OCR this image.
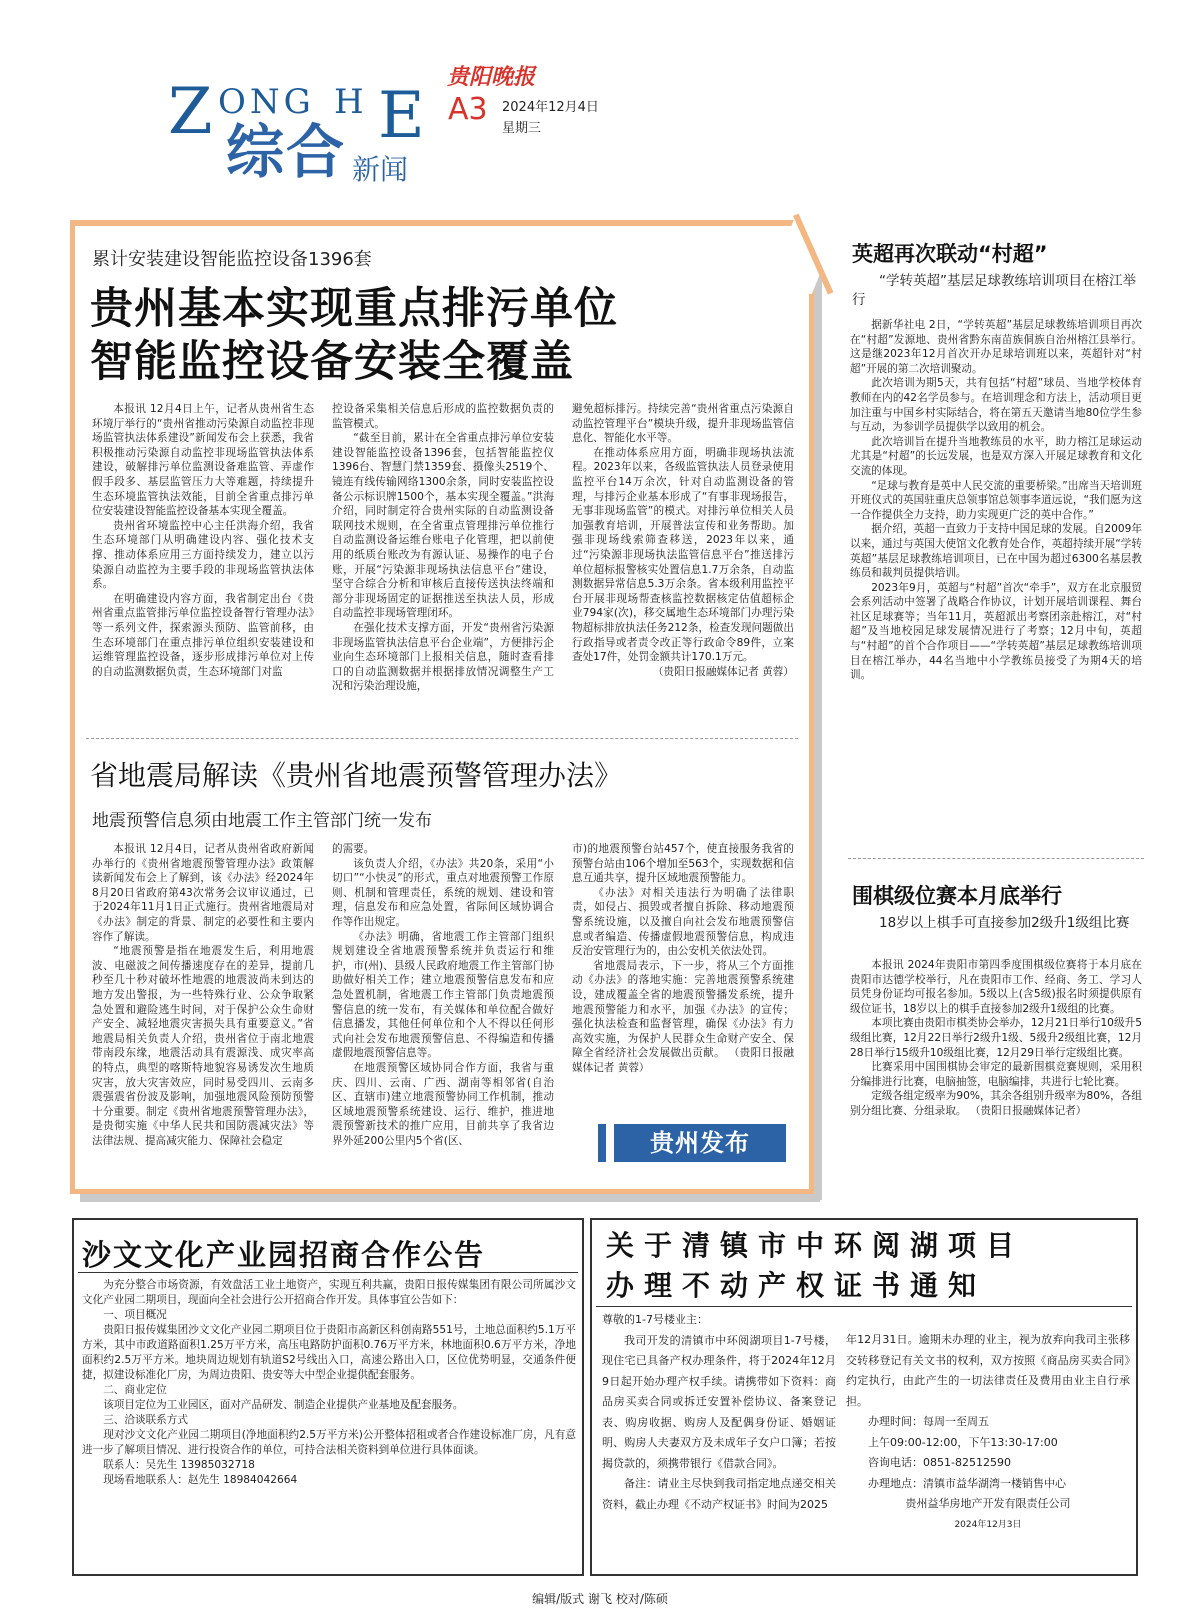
Z ONG H E
综合 新闻
贵阳晚报
A3 2024年12月4日
星期三
累计安装建设智能监控设备1396套
贵州基本实现重点排污单位
智能监控设备安装全覆盖

本报讯 12月4日上午，记者从贵州省生态环境厅举行的“贵州省推动污染源自动监控非现场监管执法体系建设”新闻发布会上获悉，我省积极推动污染源自动监控非现场监管执法体系建设，破解排污单位监测设备难监管、弄虚作假手段多、基层监管压力大等难题，持续提升生态环境监管执法效能，目前全省重点排污单位安装建设智能监控设备基本实现全覆盖。

贵州省环境监控中心主任洪海介绍，我省生态环境部门从明确建设内容、强化技术支撑、推动体系应用三方面持续发力，建立以污染源自动监控为主要手段的非现场监管执法体系。

在明确建设内容方面，我省制定出台《贵州省重点监管排污单位监控设备智行管理办法》等一系列文件，探索源头预防、监管前移，由生态环境部门在重点排污单位组织安装建设和运维管理监控设备，逐步形成排污单位对上传的自动监测数据负责，生态环境部门对监

控设备采集相关信息后形成的监控数据负责的监管模式。

“截至目前，累计在全省重点排污单位安装建设智能监控设备1396套，包括智能监控仪1396台、智慧门禁1359套、摄像头2519个、镜连有线传输网络1300余条，同时安装监控设备公示标识牌1500个，基本实现全覆盖。”洪海介绍，同时制定符合贵州实际的自动监测设备联网技术规则，在全省重点管理排污单位推行自动监测设备运维台账电子化管理，把以前使用的纸质台账改为有源认证、易操作的电子台账，开展“污染源非现场执法信息平台”建设，坚守合综合分析和审核后直接传送执法终端和部分非现场固定的证据推送至执法人员，形成自动监控非现场管理闭环。

在强化技术支撑方面，开发“贵州省污染源非现场监管执法信息平台企业端”，方便排污企业向生态环境部门上报相关信息，随时查看排口的自动监测数据并根据排放情况调整生产工况和污染治理设施，

避免超标排污。持续完善“贵州省重点污染源自动监控管理平台”模块升级，提升非现场监管信息化、智能化水平等。

在推动体系应用方面，明确非现场执法流程。2023年以来，各级监管执法人员登录使用监控平台14万余次，针对自动监测设备的管理，与排污企业基本形成了“有事非现场报告，无事非现场监管”的模式。对排污单位相关人员加强教育培训，开展普法宣传和业务帮助。加强非现场线索筛查移送，2023年以来，通过“污染源非现场执法监管信息平台”推送排污单位超标报警核实处置信息1.7万余条，自动监测数据异常信息5.3万余条。省本级利用监控平台开展非现场帮查核监控数据核定估值超标企业794家(次)，移交属地生态环境部门办理污染物超标排放执法任务212条，检查发现问题做出行政指导或者责令改正等行政命令89件，立案查处17件，处罚金额共计170.1万元。

（贵阳日报融媒体记者 黄蓉）

省地震局解读《贵州省地震预警管理办法》
地震预警信息须由地震工作主管部门统一发布

本报讯 12月4日，记者从贵州省政府新闻办举行的《贵州省地震预警管理办法》政策解读新闻发布会上了解到，该《办法》经2024年8月20日省政府第43次常务会议审议通过，已于2024年11月1日正式施行。贵州省地震局对《办法》制定的背景、制定的必要性和主要内容作了解读。

“地震预警是指在地震发生后，利用地震波、电磁波之间传播速度存在的差异，提前几秒至几十秒对破坏性地震的地震波尚未到达的地方发出警报，为一些特殊行业、公众争取紧急处置和避险逃生时间，对于保护公众生命财产安全、减轻地震灾害损失具有重要意义。”省地震局相关负责人介绍，贵州省位于南北地震带南段东缘，地震活动具有震源浅、成灾率高的特点，典型的喀斯特地貌容易诱发次生地质灾害，放大灾害效应，同时易受四川、云南多震强震省份波及影响，加强地震风险预防预警十分重要。制定《贵州省地震预警管理办法》，是贵彻实施《中华人民共和国防震减灾法》等法律法规、提高减灾能力、保障社会稳定

的需要。

该负责人介绍，《办法》共20条，采用“小切口”“小快灵”的形式，重点对地震预警工作原则、机制和管理责任，系统的规划、建设和管理，信息发布和应急处置，省际间区域协调合作等作出规定。

《办法》明确，省地震工作主管部门组织规划建设全省地震预警系统并负责运行和维护，市(州)、县级人民政府地震工作主管部门协助做好相关工作；建立地震预警信息发布和应急处置机制，省地震工作主管部门负责地震预警信息的统一发布，有关媒体和单位配合做好信息播发，其他任何单位和个人不得以任何形式向社会发布地震预警信息、不得编造和传播虚假地震预警信息等。

在地震预警区域协同合作方面，我省与重庆、四川、云南、广西、湖南等相邻省(自治区、直辖市)建立地震预警协同工作机制，推动区域地震预警系统建设、运行、维护，推进地震预警新技术的推广应用，目前共享了我省边界外延200公里内5个省(区、

市)的地震预警台站457个，使直接服务我省的预警台站由106个增加至563个，实现数据和信息互通共享，提升区域地震预警能力。

《办法》对相关违法行为明确了法律职责，如侵占、损毁或者擅自拆除、移动地震预警系统设施，以及擅自向社会发布地震预警信息或者编造、传播虚假地震预警信息，构成违反治安管理行为的，由公安机关依法处罚。

省地震局表示，下一步，将从三个方面推动《办法》的落地实施：完善地震预警系统建设，建成覆盖全省的地震预警播发系统，提升地震预警能力和水平，加强《办法》的宣传；强化执法检查和监督管理，确保《办法》有力高效实施，为保护人民群众生命财产安全、保障全省经济社会发展做出贡献。 （贵阳日报融媒体记者 黄蓉）

贵州发布
英超再次联动“村超”
“学转英超”基层足球教练培训项目在榕江举行

据新华社电 2日，“学转英超”基层足球教练培训项目再次在“村超”发源地、贵州省黔东南苗族侗族自治州榕江县举行。这是继2023年12月首次开办足球培训班以来，英超针对“村超”开展的第二次培训聚动。

此次培训为期5天，共有包括“村超”球员、当地学校体育教师在内的42名学员参与。在培训理念和方法上，活动项目更加注重与中国乡村实际结合，将在第五天邀请当地80位学生参与互动，为参训学员提供学以致用的机会。

此次培训旨在提升当地教练员的水平，助力榕江足球运动尤其是“村超”的长远发展，也是双方深入开展足球教育和文化交流的体现。

“足球与教育是英中人民交流的重要桥梁。”出席当天培训班开班仪式的英国驻重庆总领事馆总领事李道远说，“我们愿为这一合作提供全力支持，助力实现更广泛的英中合作。”

据介绍，英超一直致力于支持中国足球的发展。自2009年以来，通过与英国大使馆文化教育处合作，英超持续开展“学转英超”基层足球教练培训项目，已在中国为超过6300名基层教练员和裁判员提供培训。

2023年9月，英超与“村超”首次“牵手”，双方在北京服贸会系列活动中签署了战略合作协议，计划开展培训课程、舞台社区足球赛等；当年11月，英超派出考察团亲赴榕江，对“村超”及当地校园足球发展情况进行了考察；12月中旬，英超与“村超”的首个合作项目——“学转英超”基层足球教练培训项目在榕江举办，44名当地中小学教练员接受了为期4天的培训。

围棋级位赛本月底举行
18岁以上棋手可直接参加2级升1级组比赛

本报讯 2024年贵阳市第四季度围棋级位赛将于本月底在贵阳市达德学校举行，凡在贵阳市工作、经商、务工、学习人员凭身份证均可报名参加。5级以上(含5级)报名时须提供原有级位证书，18岁以上的棋手直接参加2级升1级组的比赛。

本项比赛由贵阳市棋类协会举办，12月21日举行10级升5级组比赛，12月22日举行2级升1级、5级升2级组比赛，12月28日举行15级升10级组比赛，12月29日举行定级组比赛。

比赛采用中国围棋协会审定的最新围棋竞赛规则，采用积分编排进行比赛，电脑抽签，电脑编排，共进行七轮比赛。

定级各组定级率为90%，其余各组别升级率为80%，各组别分组比赛、分组录取。 （贵阳日报融媒体记者）

沙文文化产业园招商合作公告

为充分整合市场资源，有效盘活工业土地资产，实现互利共赢，贵阳日报传媒集团有限公司所属沙文文化产业园二期项目，现面向全社会进行公开招商合作开发。具体事宜公告如下：

一、项目概况

贵阳日报传媒集团沙文文化产业园二期项目位于贵阳市高新区科创南路551号，土地总面积约5.1万平方米，其中市政道路面积1.25万平方米，高压电路防护面积0.76万平方米，林地面积0.6万平方米，净地面积约2.5万平方米。地块周边规划有轨道S2号线出入口，高速公路出入口，区位优势明显，交通条件便捷，拟建设标准化厂房，为周边贵阳、贵安等大中型企业提供配套服务。

二、商业定位

该项目定位为工业园区，面对产品研发、制造企业提供产业基地及配套服务。

三、洽谈联系方式

现对沙文文化产业园二期项目(净地面积约2.5万平方米)公开整体招租或者合作建设标准厂房，凡有意进一步了解项目情况、进行投资合作的单位，可持合法相关资料到单位进行具体面谈。

联系人：吴先生 13985032718

现场看地联系人：赵先生 18984042664

关于清镇市中环阅湖项目
办理不动产权证书通知

尊敬的1-7号楼业主：

我司开发的清镇市中环阅湖项目1-7号楼，现住宅已具备产权办理条件，将于2024年12月9日起开始办理产权手续。请携带如下资料：商品房买卖合同或拆迁安置补偿协议、备案登记表、购房收据、购房人及配偶身份证、婚姻证明、购房人夫妻双方及未成年子女户口簿；若按揭贷款的，须携带银行《借款合同》。

备注：请业主尽快到我司指定地点递交相关资料，截止办理《不动产权证书》时间为2025

年12月31日。逾期未办理的业主，视为放弃向我司主张移交转移登记有关文书的权利，双方按照《商品房买卖合同》约定执行，由此产生的一切法律责任及费用由业主自行承担。

办理时间：每周一至周五

上午09:00-12:00，下午13:30-17:00

咨询电话：0851-82512590

办理地点：清镇市益华湖湾一楼销售中心

贵州益华房地产开发有限责任公司

2024年12月3日

编辑/版式 谢飞 校对/陈硕
